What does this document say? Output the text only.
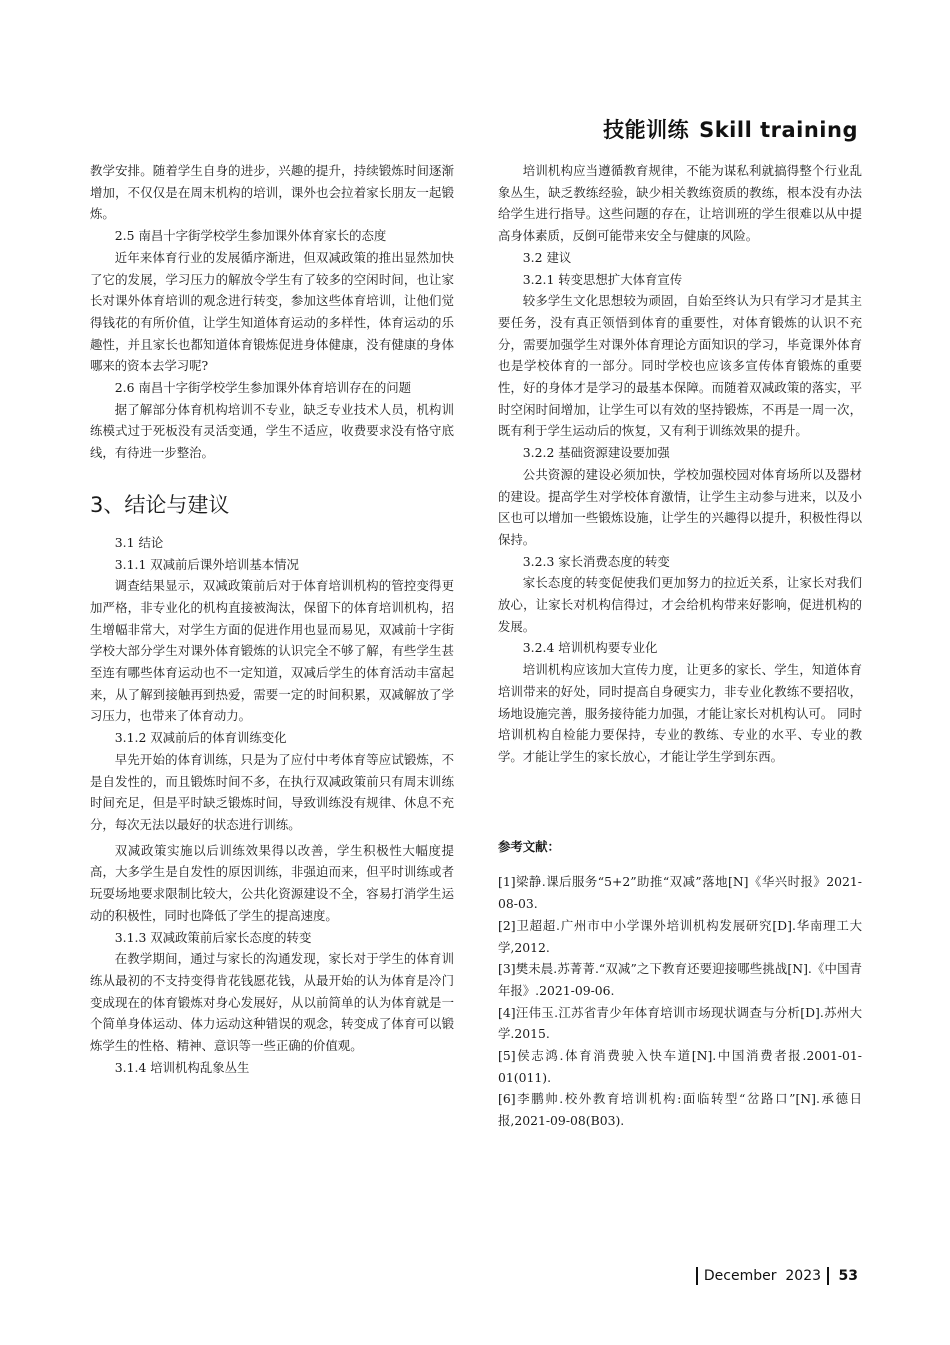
技能训练 Skill training

教学安排。随着学生自身的进步，兴趣的提升，持续锻炼时间逐渐增加，不仅仅是在周末机构的培训，课外也会拉着家长朋友一起锻炼。

2.5 南昌十字街学校学生参加课外体育家长的态度

近年来体育行业的发展循序渐进，但双减政策的推出显然加快了它的发展，学习压力的解放令学生有了较多的空闲时间，也让家长对课外体育培训的观念进行转变，参加这些体育培训，让他们觉得钱花的有所价值，让学生知道体育运动的多样性，体育运动的乐趣性，并且家长也都知道体育锻炼促进身体健康，没有健康的身体哪来的资本去学习呢?

2.6 南昌十字街学校学生参加课外体育培训存在的问题

据了解部分体育机构培训不专业，缺乏专业技术人员，机构训练模式过于死板没有灵活变通，学生不适应，收费要求没有恪守底线，有待进一步整治。

3、结论与建议

3.1 结论

3.1.1 双减前后课外培训基本情况

调查结果显示，双减政策前后对于体育培训机构的管控变得更加严格，非专业化的机构直接被淘汰，保留下的体育培训机构，招生增幅非常大，对学生方面的促进作用也显而易见，双减前十字街学校大部分学生对课外体育锻炼的认识完全不够了解，有些学生甚至连有哪些体育运动也不一定知道，双减后学生的体育活动丰富起来，从了解到接触再到热爱，需要一定的时间积累，双减解放了学习压力，也带来了体育动力。

3.1.2 双减前后的体育训练变化

早先开始的体育训练，只是为了应付中考体育等应试锻炼，不是自发性的，而且锻炼时间不多，在执行双减政策前只有周末训练时间充足，但是平时缺乏锻炼时间，导致训练没有规律、休息不充分，每次无法以最好的状态进行训练。

双减政策实施以后训练效果得以改善，学生积极性大幅度提高，大多学生是自发性的原因训练，非强迫而来，但平时训练或者玩耍场地要求限制比较大，公共化资源建设不全，容易打消学生运动的积极性，同时也降低了学生的提高速度。

3.1.3 双减政策前后家长态度的转变

在教学期间，通过与家长的沟通发现，家长对于学生的体育训练从最初的不支持变得肯花钱愿花钱，从最开始的认为体育是冷门变成现在的体育锻炼对身心发展好，从以前简单的认为体育就是一个简单身体运动、体力运动这种错误的观念，转变成了体育可以锻炼学生的性格、精神、意识等一些正确的价值观。

3.1.4 培训机构乱象丛生

培训机构应当遵循教育规律，不能为谋私利就搞得整个行业乱象丛生，缺乏教练经验，缺少相关教练资质的教练，根本没有办法给学生进行指导。这些问题的存在，让培训班的学生很难以从中提高身体素质，反倒可能带来安全与健康的风险。

3.2 建议

3.2.1 转变思想扩大体育宣传

较多学生文化思想较为顽固，自始至终认为只有学习才是其主要任务，没有真正领悟到体育的重要性，对体育锻炼的认识不充分，需要加强学生对课外体育理论方面知识的学习，毕竟课外体育也是学校体育的一部分。同时学校也应该多宣传体育锻炼的重要性，好的身体才是学习的最基本保障。而随着双减政策的落实，平时空闲时间增加，让学生可以有效的坚持锻炼，不再是一周一次，既有利于学生运动后的恢复，又有利于训练效果的提升。

3.2.2 基础资源建设要加强

公共资源的建设必须加快，学校加强校园对体育场所以及器材的建设。提高学生对学校体育激情，让学生主动参与进来，以及小区也可以增加一些锻炼设施，让学生的兴趣得以提升，积极性得以保持。

3.2.3 家长消费态度的转变

家长态度的转变促使我们更加努力的拉近关系，让家长对我们放心，让家长对机构信得过，才会给机构带来好影响，促进机构的发展。

3.2.4 培训机构要专业化

培训机构应该加大宣传力度，让更多的家长、学生，知道体育培训带来的好处，同时提高自身硬实力，非专业化教练不要招收，场地设施完善，服务接待能力加强，才能让家长对机构认可。 同时培训机构自检能力要保持，专业的教练、专业的水平、专业的教学。才能让学生的家长放心，才能让学生学到东西。

参考文献：

[1]梁静.课后服务“5+2”助推“双减”落地[N]《华兴时报》2021-08-03.

[2]卫超超.广州市中小学课外培训机构发展研究[D].华南理工大学,2012.

[3]樊未晨.苏菁菁.“双减”之下教育还要迎接哪些挑战[N].《中国青年报》.2021-09-06.

[4]汪伟玉.江苏省青少年体育培训市场现状调查与分析[D].苏州大学.2015.

[5]侯志鸿.体育消费驶入快车道[N].中国消费者报.2001-01-01(011).

[6]李鹏帅.校外教育培训机构:面临转型“岔路口”[N].承德日报,2021-09-08(B03).

December
2023 53
